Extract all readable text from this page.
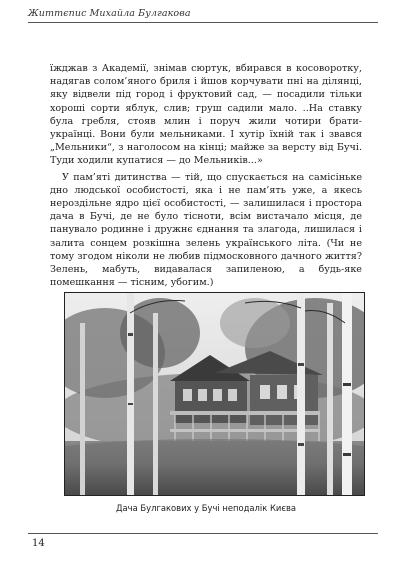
Життєпис Михайла Булгакова

їжджав з Академії, знімав сюртук, вбирався в косоворотку, надягав солом’яного бриля і йшов корчувати пні на ділянці, яку відвели під город і фруктовий сад, — посадили тільки хороші сорти яблук, слив; груш садили мало. ..На ставку була гребля, стояв млин і поруч жили чотири брати-українці. Вони були мельниками. І хутір їхній так і звався „Мельники“, з наголосом на кінці; майже за версту від Бучі. Туди ходили купатися — до Мельників...»

У пам’яті дитинства — тій, що спускається на самісіньке дно людської особистості, яка і не пам’ять уже, а якесь нероздільне ядро цієї особистості, — залишилася і простора дача в Бучі, де не було тісноти, всім вистачало місця, де панувало родинне і дружнє єднання та злагода, лишилася і залита сонцем розкішна зелень українського літа. (Чи не тому згодом ніколи не любив підмосковного дачного життя? Зелень, мабуть, видавалася запиленою, а будь-яке помешкання — тісним, убогим.)

Дача Булгакових у Бучі неподалік Києва
14
